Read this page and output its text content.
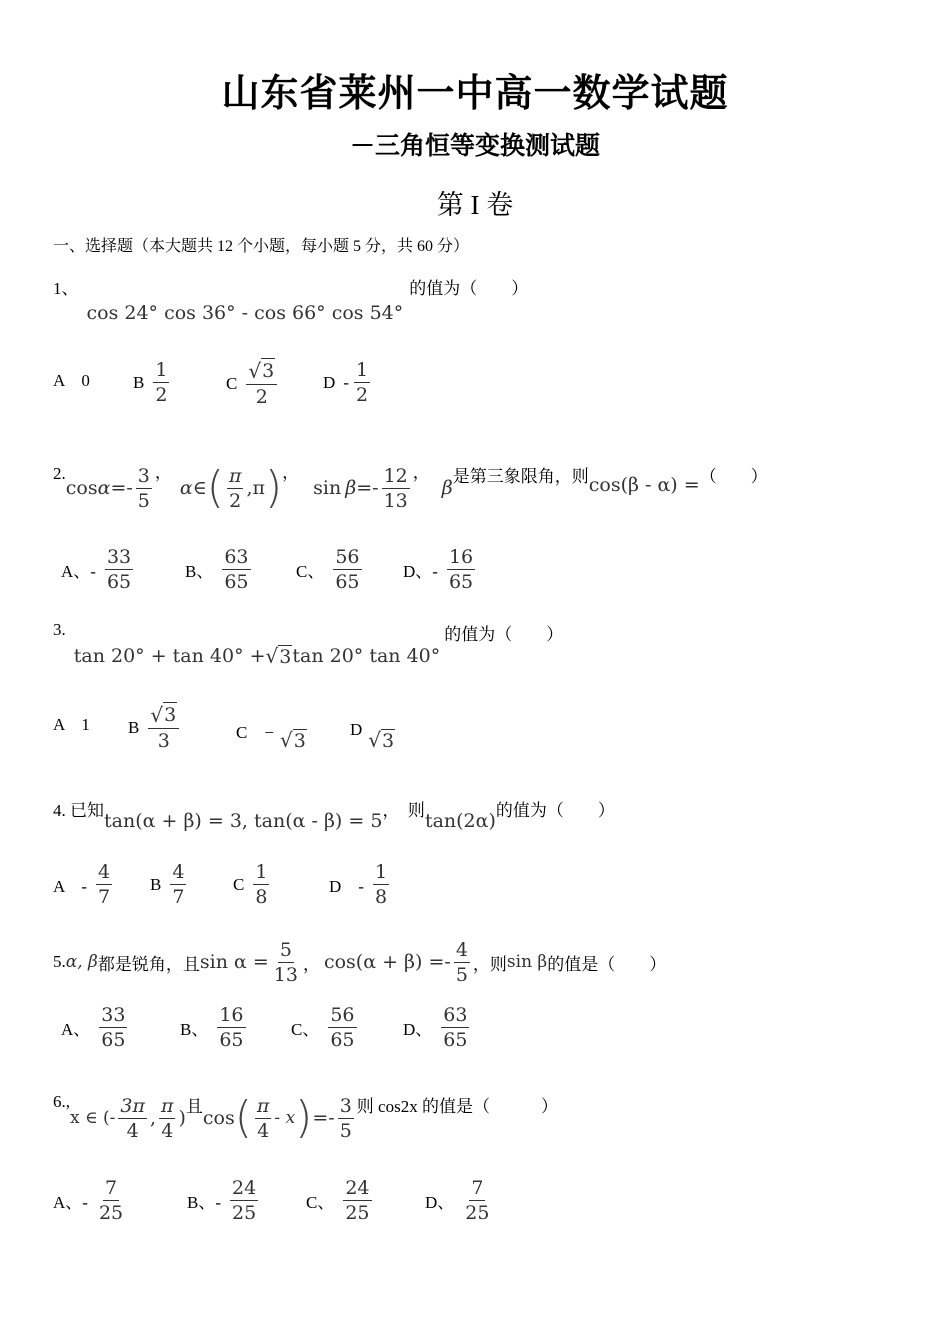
山东省莱州一中高一数学试题
－三角恒等变换测试题
第 I 卷
一、选择题（本大题共 12 个小题，每小题 5 分，共 60 分）
1、
cos 24° cos 36° - cos 66° cos 54°
的值为（　　）
A　0	B $\frac{1}{2}$	C $\frac{√ 3}{2}$	D - $\frac{1}{2}$
2.
$\cos \alpha =- \frac{3}{5}$ ，
α∈ ( $\frac{\pi}{2} ,\pi$ ) ，
$\sin \beta =- \frac{12}{13}$ ，
β
是第三象限角，则 cos(β - α) = （　　）
A、- $\frac{33}{65}$	B、 $\frac{63}{65}$	C、 $\frac{56}{65}$ D、- $\frac{16}{65}$
3.
tan 20° + tan 40° + √ 3 tan 20° tan 40°
的值为（　　）
A　1 B $\frac{√ 3}{3}$	C　− √ 3
D √ 3
4. 已知 tan(α + β) = 3, tan(α - β) = 5 ，　则 tan(2α) 的值为（　　）
A　- $\frac{4}{7}$ B $\frac{4}{7}$	C $\frac{1}{8}$	D　- $\frac{1}{8}$
5. α, β 都是锐角，且 $\sin \alpha = \frac{5}{13}$ ， $\cos(\alpha + \beta) =- \frac{4}{5}$ ，则 sin β 的值是（　　）
A、 $\frac{33}{65}$	B、 $\frac{16}{65}$	C、 $\frac{56}{65}$	D、 $\frac{63}{65}$
6.,
x ∈ (- $\frac{3\pi}{4}$ , $\frac{\pi}{4}$ )
且
cos ( $\frac{\pi}{4}$ - x ) =- $\frac{3}{5}$ 则 cos2x 的值是（　　　）
A、- $\frac{7}{25}$	B、- $\frac{24}{25}$	C、 $\frac{24}{25}$	D、 $\frac{7}{25}$
